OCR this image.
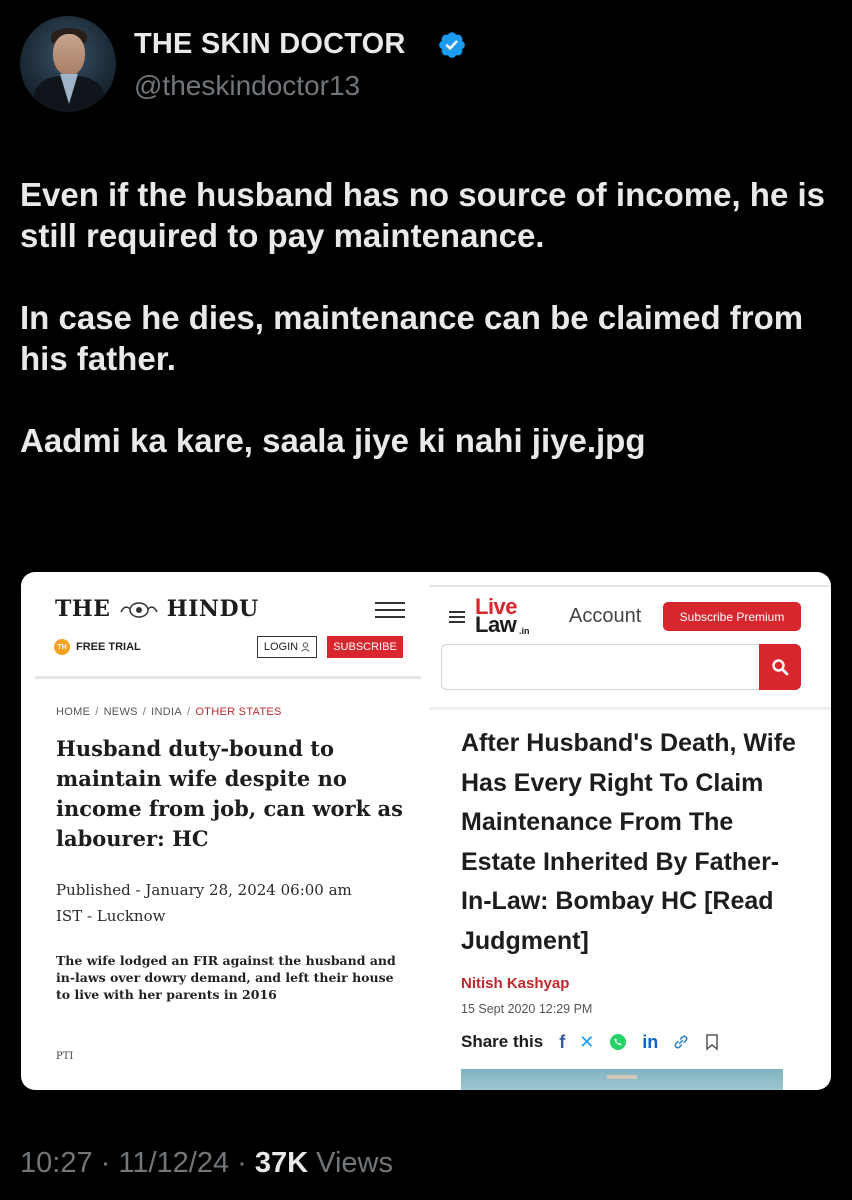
THE SKIN DOCTOR
@theskindoctor13

Even if the husband has no source of income, he is still required to pay maintenance.

In case he dies, maintenance can be claimed from his father.

Aadmi ka kare, saala jiye ki nahi jiye.jpg

THE	HINDU
TH FREE TRIAL	LOGIN	SUBSCRIBE
HOME / NEWS / INDIA / OTHER STATES
Husband duty-bound to maintain wife despite no income from job, can work as labourer: HC
Published - January 28, 2024 06:00 am
IST - Lucknow
The wife lodged an FIR against the husband and in-laws over dowry demand, and left their house to live with her parents in 2016
PTI
Live
Law .in
Account	Subscribe Premium
After Husband's Death, Wife Has Every Right To Claim Maintenance From The Estate Inherited By Father-In-Law: Bombay HC [Read Judgment]
Nitish Kashyap
15 Sept 2020 12:29 PM
Share this f ✕	in
10:27 · 11/12/24 · 37K Views
